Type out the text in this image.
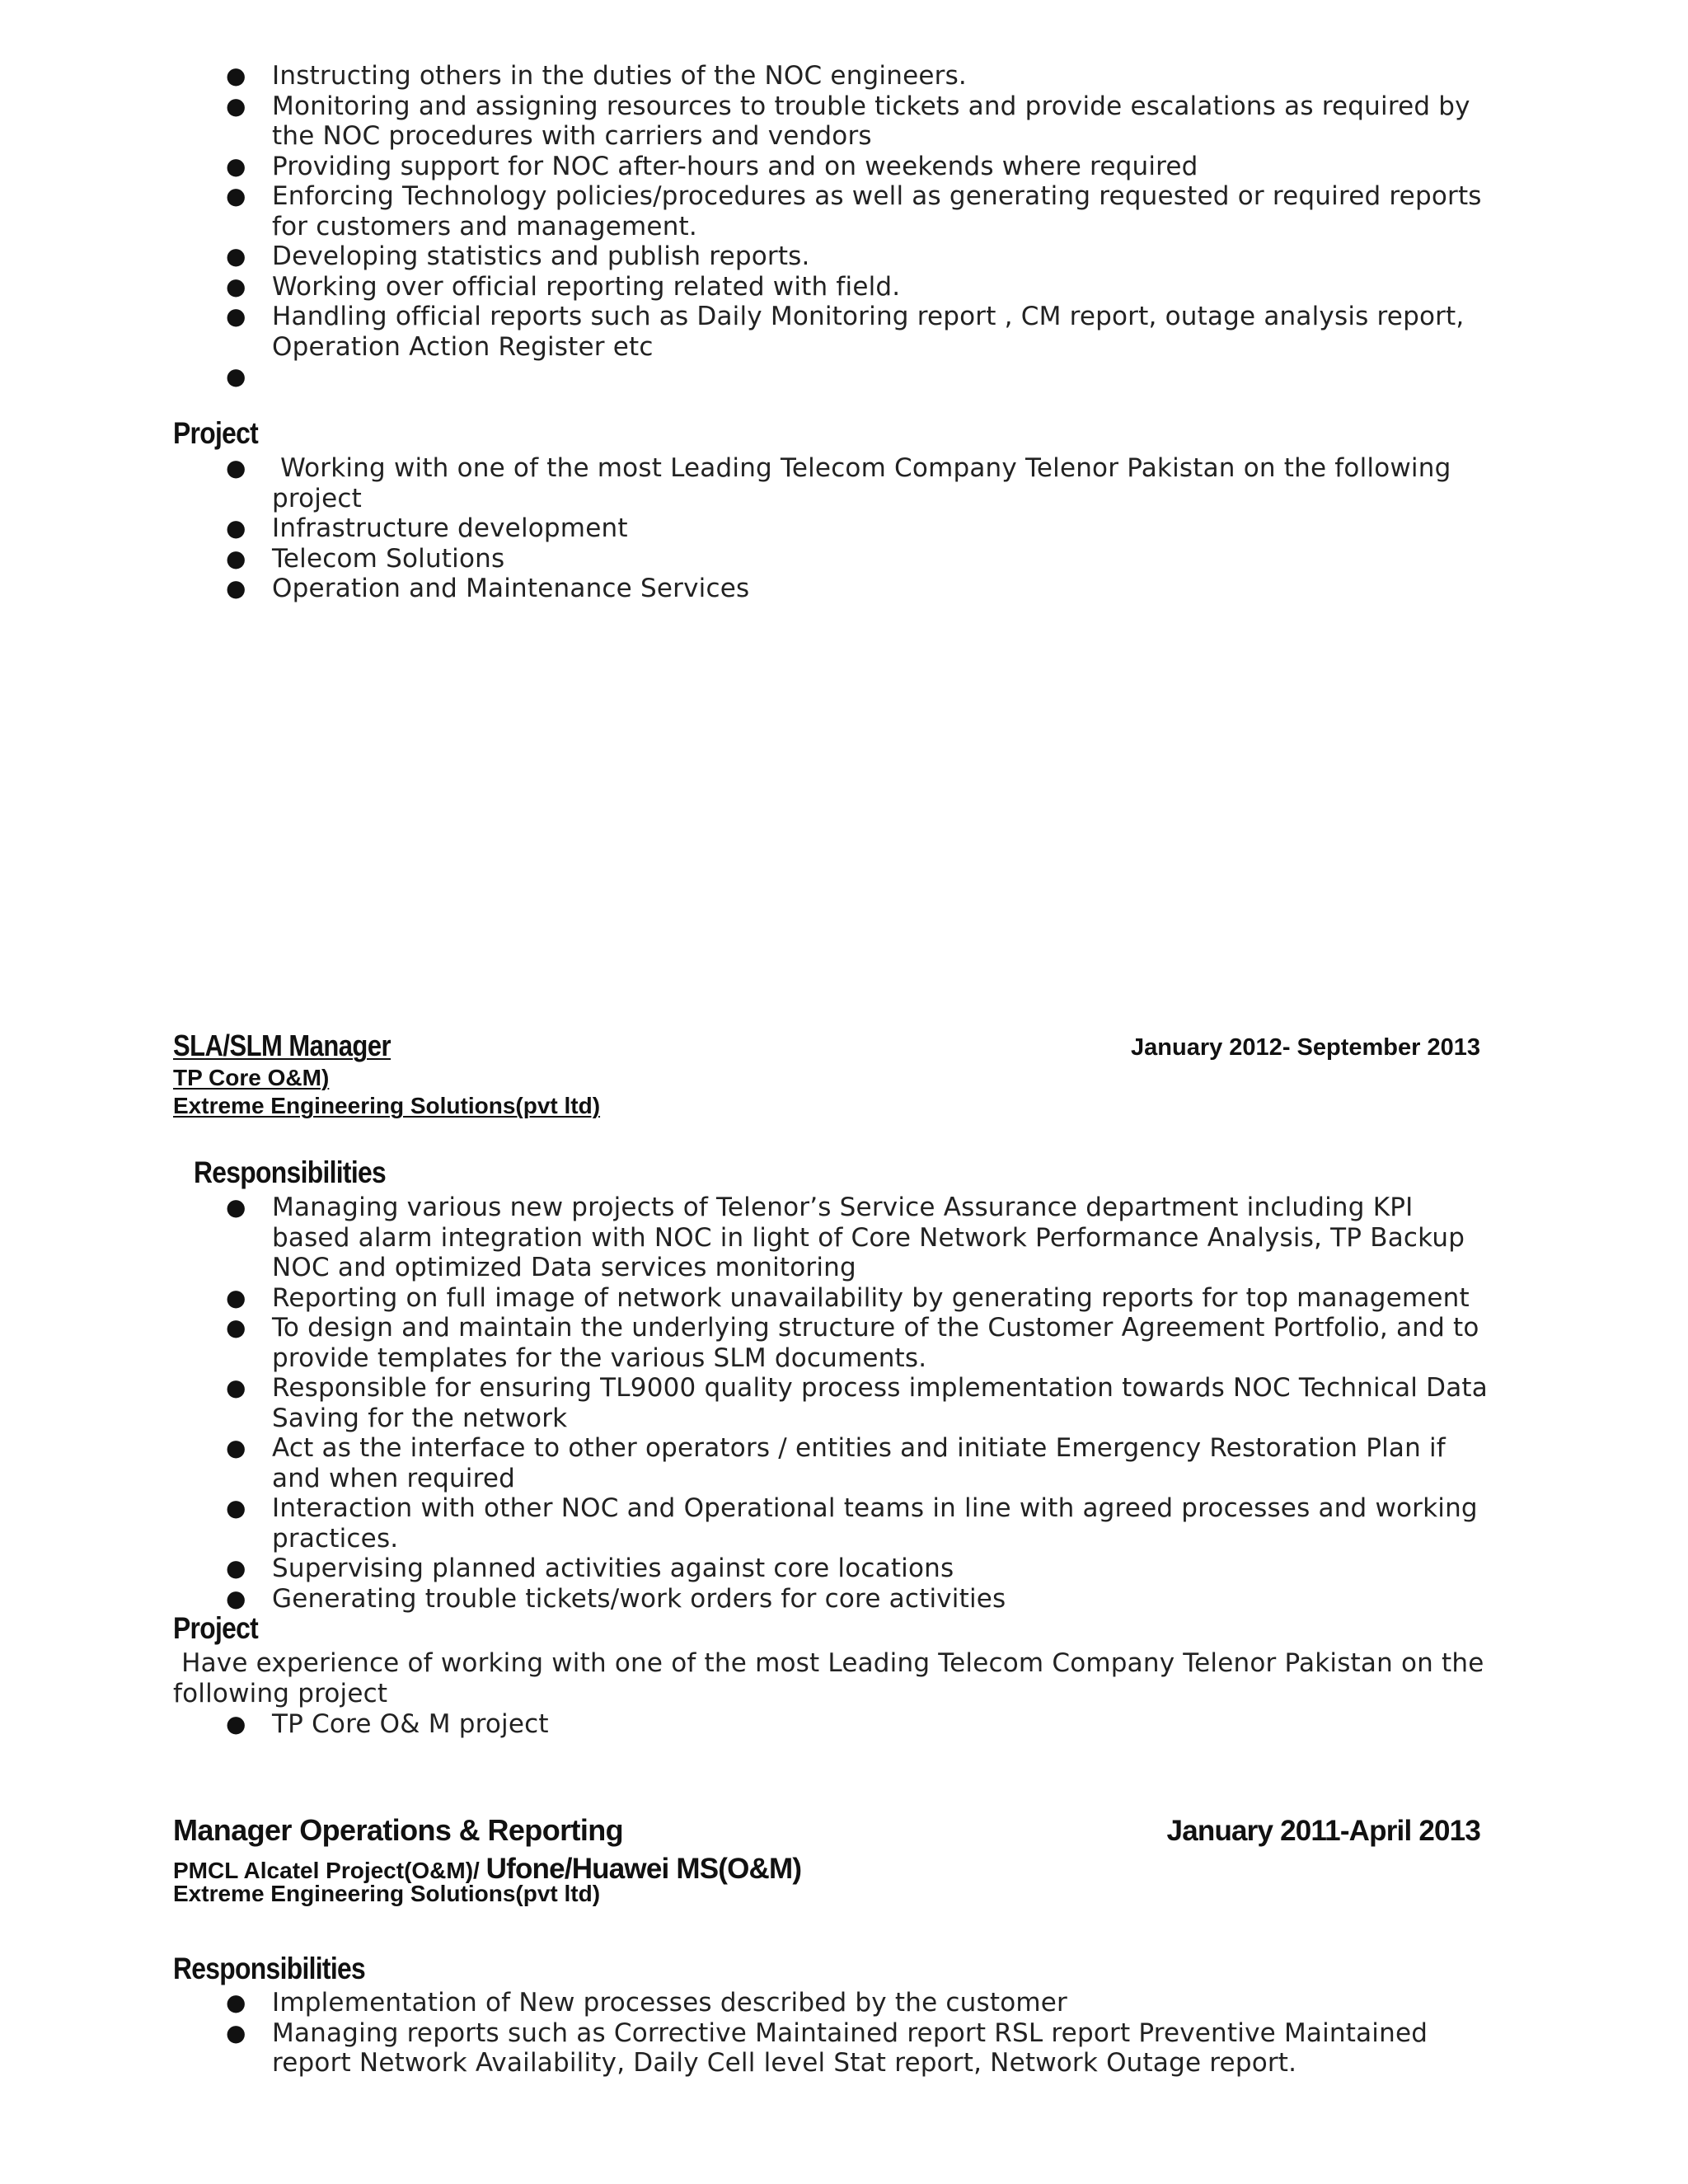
● Instructing others in the duties of the NOC engineers.
● Monitoring and assigning resources to trouble tickets and provide escalations as required by the NOC procedures with carriers and vendors
● Providing support for NOC after-hours and on weekends where required
● Enforcing Technology policies/procedures as well as generating requested or required reports for customers and management.
● Developing statistics and publish reports.
● Working over official reporting related with field.
● Handling official reports such as Daily Monitoring report , CM report, outage analysis report, Operation Action Register etc
●

Project
● Working with one of the most Leading Telecom Company Telenor Pakistan on the following project
● Infrastructure development
● Telecom Solutions
● Operation and Maintenance Services
SLA/SLM Manager	January 2012- September 2013
TP Core O&M)
Extreme Engineering Solutions(pvt ltd)
Responsibilities
● Managing various new projects of Telenor’s Service Assurance department including KPI based alarm integration with NOC in light of Core Network Performance Analysis, TP Backup NOC and optimized Data services monitoring
● Reporting on full image of network unavailability by generating reports for top management
● To design and maintain the underlying structure of the Customer Agreement Portfolio, and to provide templates for the various SLM documents.
● Responsible for ensuring TL9000 quality process implementation towards NOC Technical Data Saving for the network
● Act as the interface to other operators / entities and initiate Emergency Restoration Plan if and when required
● Interaction with other NOC and Operational teams in line with agreed processes and working practices.
● Supervising planned activities against core locations
● Generating trouble tickets/work orders for core activities
Project
Have experience of working with one of the most Leading Telecom Company Telenor Pakistan on the following project
● TP Core O& M project
Manager Operations & Reporting	January 2011-April 2013
PMCL Alcatel Project(O&M)/ Ufone/Huawei MS(O&M)
Extreme Engineering Solutions(pvt ltd)
Responsibilities
● Implementation of New processes described by the customer
● Managing reports such as Corrective Maintained report RSL report Preventive Maintained report Network Availability, Daily Cell level Stat report, Network Outage report.
